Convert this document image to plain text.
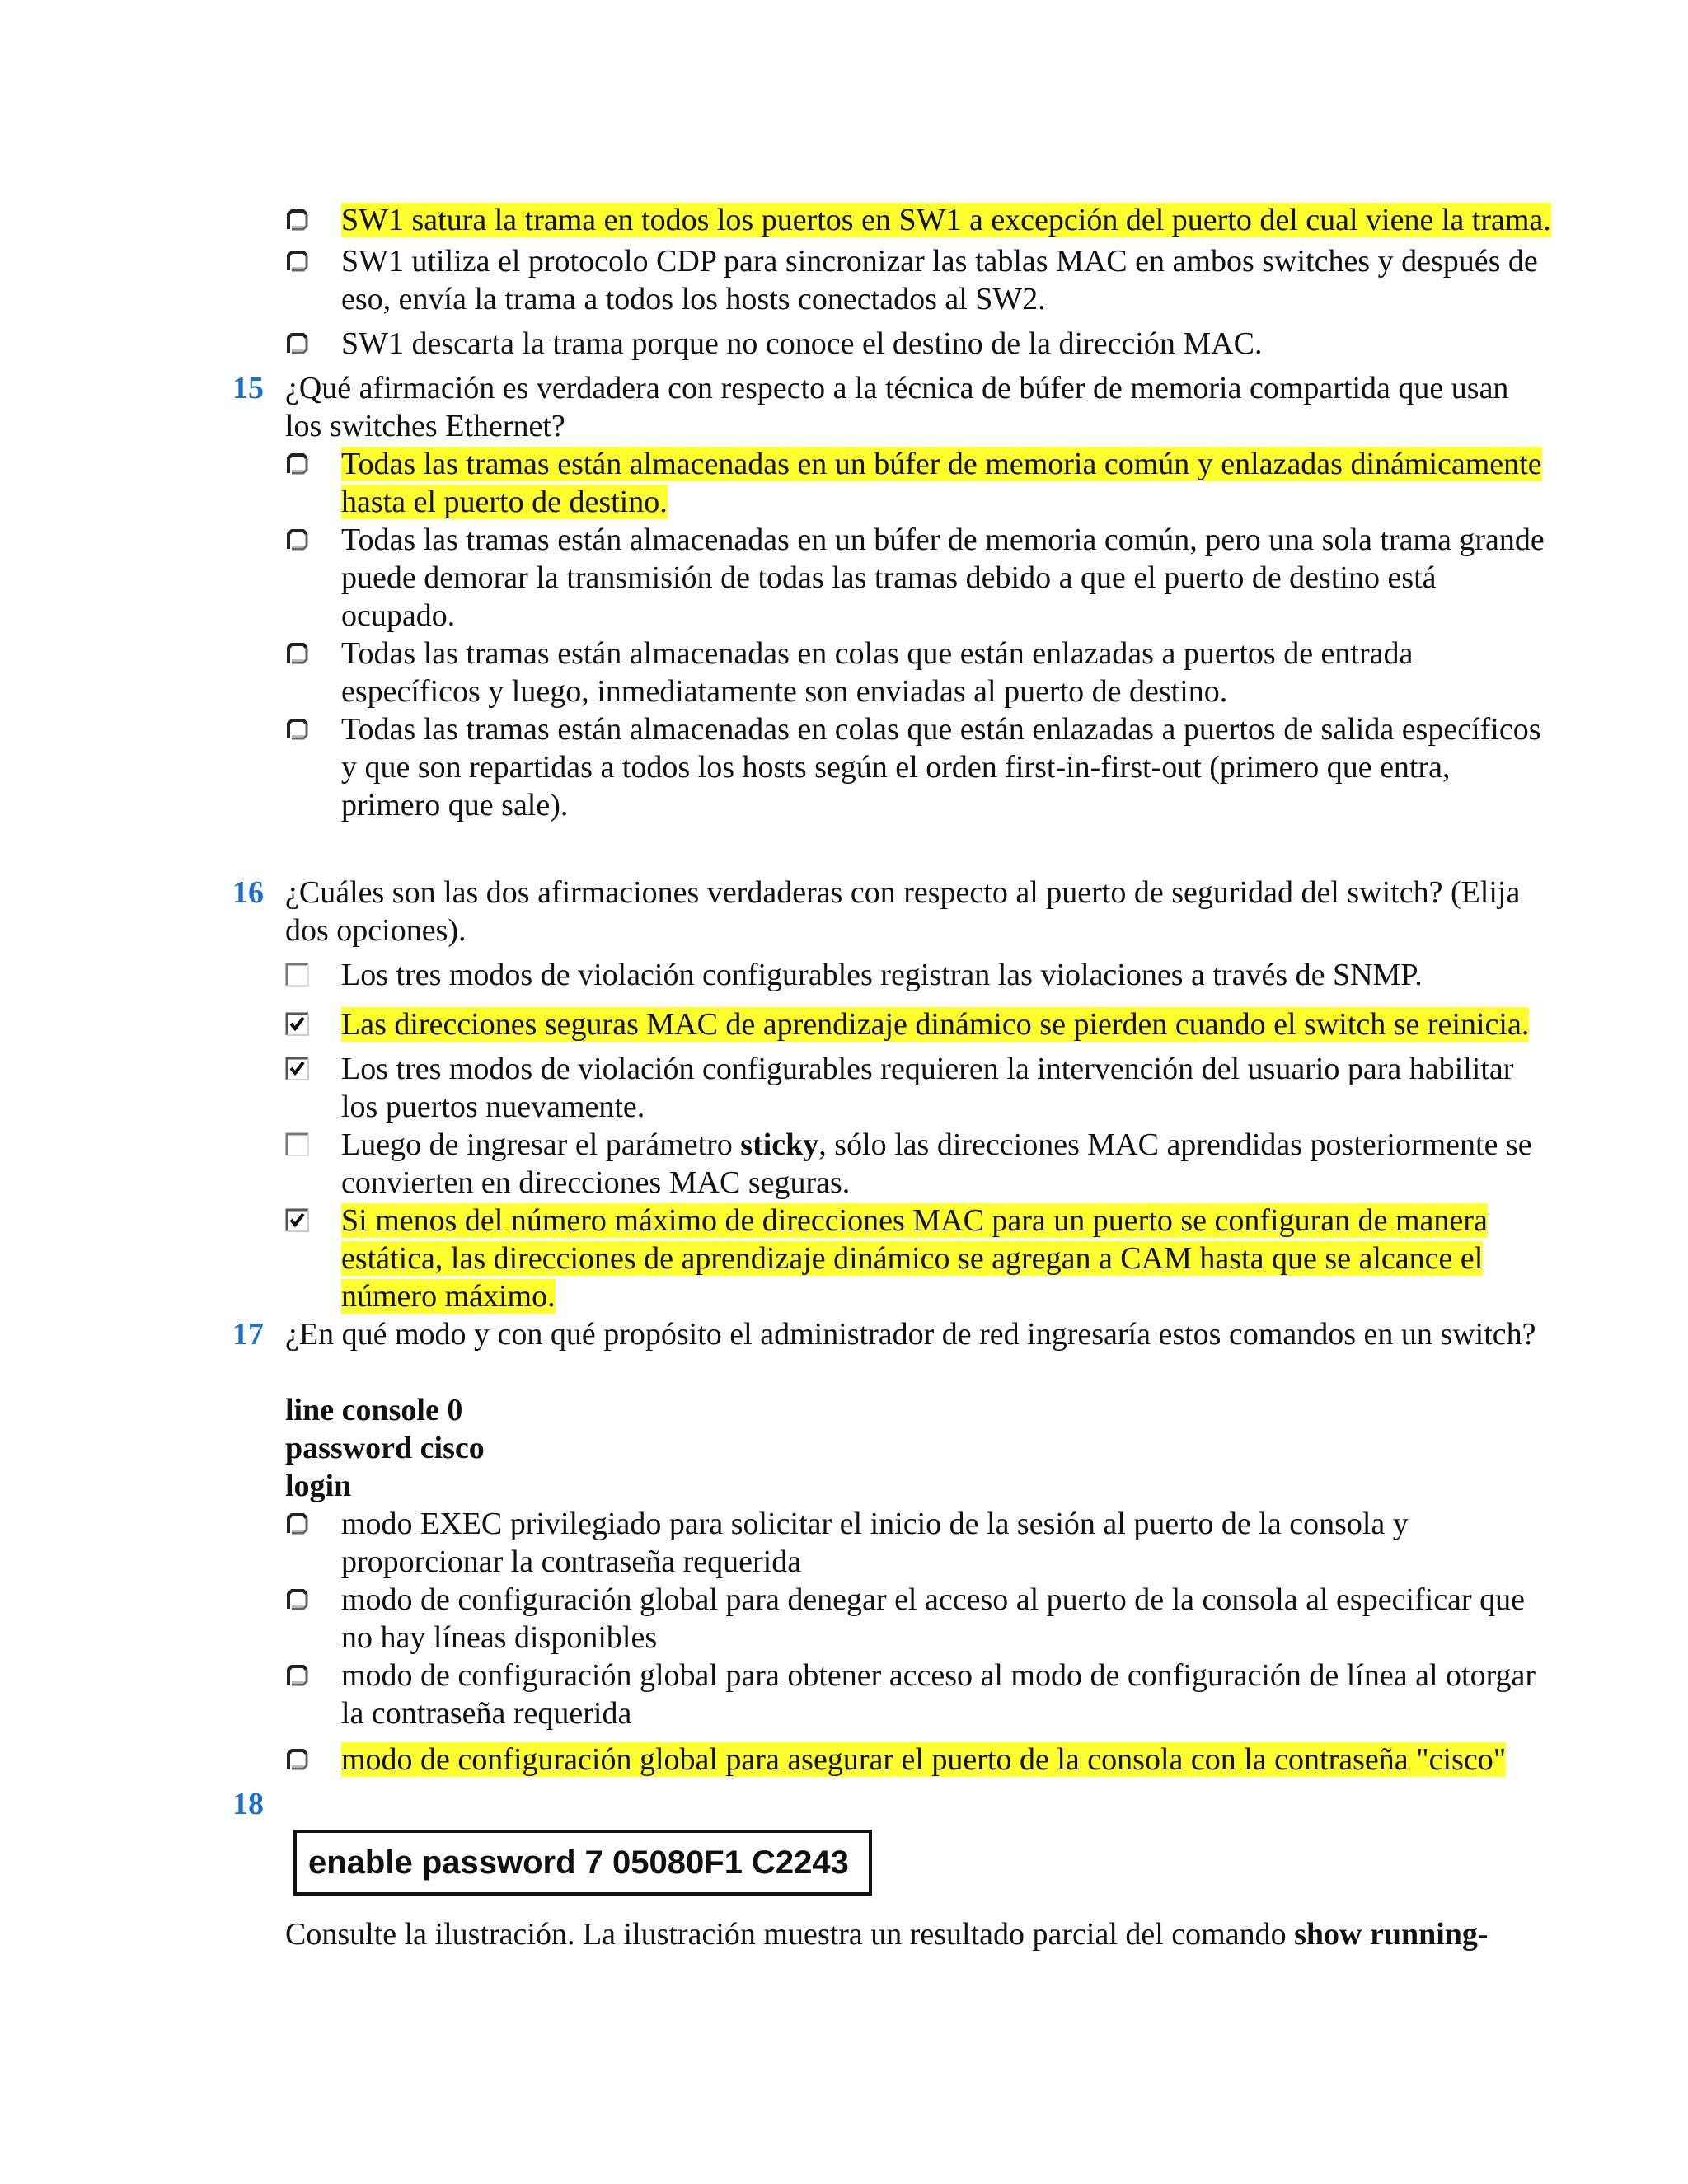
SW1 satura la trama en todos los puertos en SW1 a excepción del puerto del cual viene la trama.
SW1 utiliza el protocolo CDP para sincronizar las tablas MAC en ambos switches y después de
eso, envía la trama a todos los hosts conectados al SW2.
SW1 descarta la trama porque no conoce el destino de la dirección MAC.
15 ¿Qué afirmación es verdadera con respecto a la técnica de búfer de memoria compartida que usan
los switches Ethernet?
Todas las tramas están almacenadas en un búfer de memoria común y enlazadas dinámicamente
hasta el puerto de destino.
Todas las tramas están almacenadas en un búfer de memoria común, pero una sola trama grande
puede demorar la transmisión de todas las tramas debido a que el puerto de destino está
ocupado.
Todas las tramas están almacenadas en colas que están enlazadas a puertos de entrada
específicos y luego, inmediatamente son enviadas al puerto de destino.
Todas las tramas están almacenadas en colas que están enlazadas a puertos de salida específicos
y que son repartidas a todos los hosts según el orden first-in-first-out (primero que entra,
primero que sale).
16 ¿Cuáles son las dos afirmaciones verdaderas con respecto al puerto de seguridad del switch? (Elija
dos opciones).
Los tres modos de violación configurables registran las violaciones a través de SNMP.
Las direcciones seguras MAC de aprendizaje dinámico se pierden cuando el switch se reinicia.
Los tres modos de violación configurables requieren la intervención del usuario para habilitar
los puertos nuevamente.
Luego de ingresar el parámetro sticky, sólo las direcciones MAC aprendidas posteriormente se
convierten en direcciones MAC seguras.
Si menos del número máximo de direcciones MAC para un puerto se configuran de manera
estática, las direcciones de aprendizaje dinámico se agregan a CAM hasta que se alcance el
número máximo.
17 ¿En qué modo y con qué propósito el administrador de red ingresaría estos comandos en un switch?
line console 0
password cisco
login
modo EXEC privilegiado para solicitar el inicio de la sesión al puerto de la consola y
proporcionar la contraseña requerida
modo de configuración global para denegar el acceso al puerto de la consola al especificar que
no hay líneas disponibles
modo de configuración global para obtener acceso al modo de configuración de línea al otorgar
la contraseña requerida
modo de configuración global para asegurar el puerto de la consola con la contraseña "cisco"
18
enable password 7 05080F1 C2243
Consulte la ilustración. La ilustración muestra un resultado parcial del comando show running-
